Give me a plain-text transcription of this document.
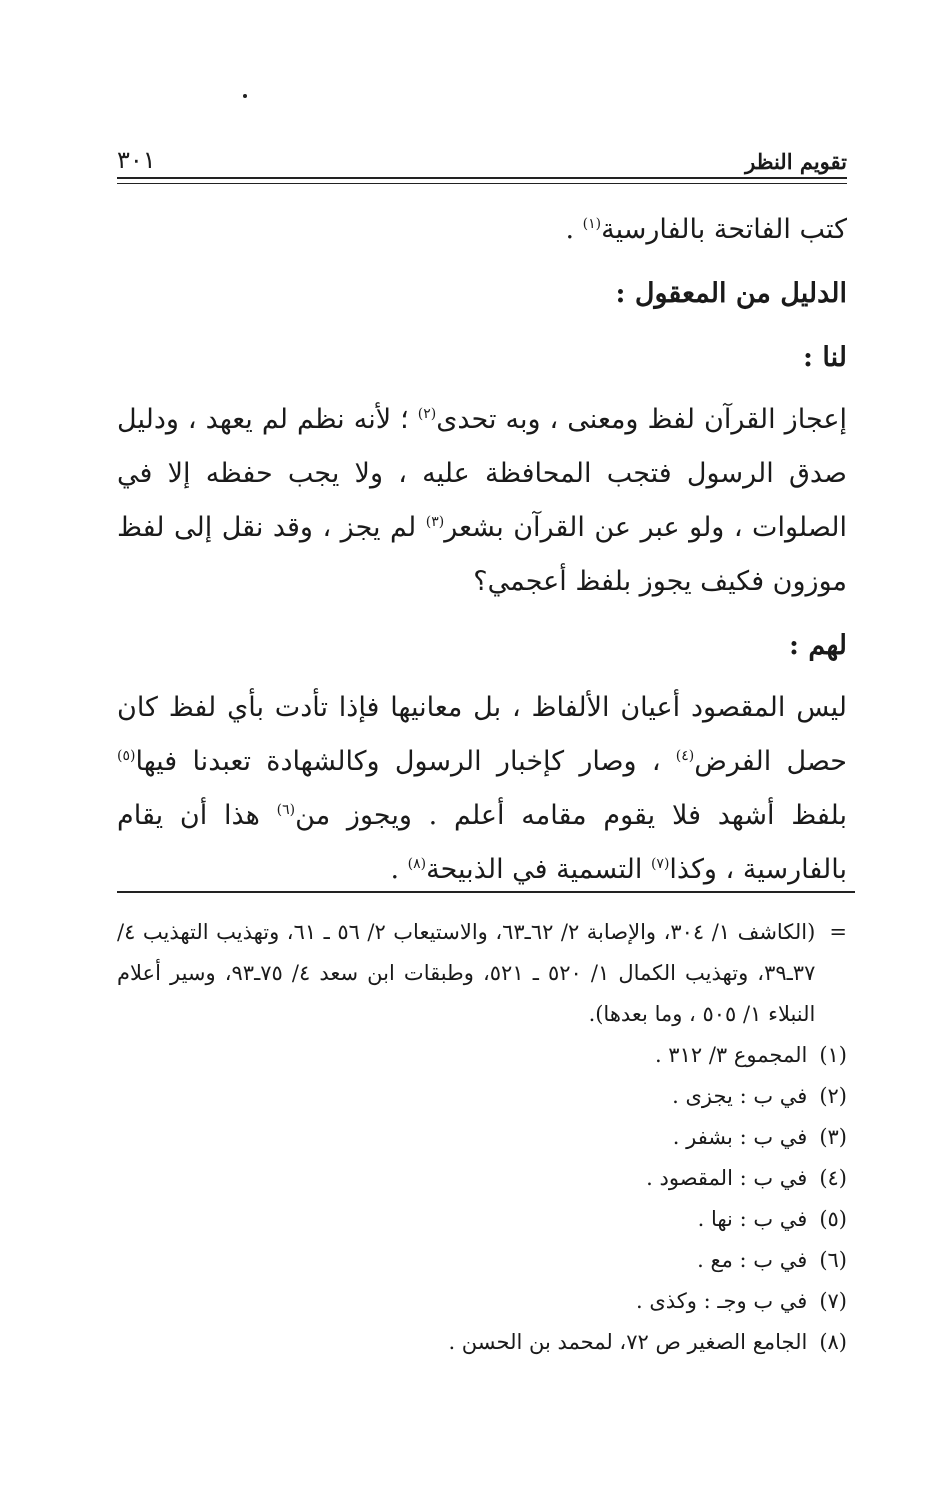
تقويم النظر
٣٠١

كتب الفاتحة بالفارسية$^{(١)}$ .

الدليل من المعقول :

لنا :

إعجاز القرآن لفظ ومعنى ، وبه تحدى$^{(٢)}$ ؛ لأنه نظم لم يعهد ، ودليل صدق الرسول فتجب المحافظة عليه ، ولا يجب حفظه إلا في الصلوات ، ولو عبر عن القرآن بشعر$^{(٣)}$ لم يجز ، وقد نقل إلى لفظ موزون فكيف يجوز بلفظ أعجمي؟

لهم :

ليس المقصود أعيان الألفاظ ، بل معانيها فإذا تأدت بأي لفظ كان حصل الفرض$^{(٤)}$ ، وصار كإخبار الرسول وكالشهادة تعبدنا فيها$^{(٥)}$ بلفظ أشهد فلا يقوم مقامه أعلم . ويجوز من$^{(٦)}$ هذا أن يقام بالفارسية ، وكذا$^{(٧)}$ التسمية في الذبيحة$^{(٨)}$ .

=
(الكاشف ١/ ٣٠٤، والإصابة ٢/ ٦٢ـ٦٣، والاستيعاب ٢/ ٥٦ ـ ٦١، وتهذيب التهذيب ٤/ ٣٧ـ٣٩، وتهذيب الكمال ١/ ٥٢٠ ـ ٥٢١، وطبقات ابن سعد ٤/ ٧٥ـ٩٣، وسير أعلام النبلاء ١/ ٥٠٥ ، وما بعدها).
(١)
المجموع ٣/ ٣١٢ .
(٢)
في ب : يجزى .
(٣)
في ب : بشفر .
(٤)
في ب : المقصود .
(٥)
في ب : نها .
(٦)
في ب : مع .
(٧)
في ب وجـ : وكذى .
(٨)
الجامع الصغير ص ٧٢، لمحمد بن الحسن .
